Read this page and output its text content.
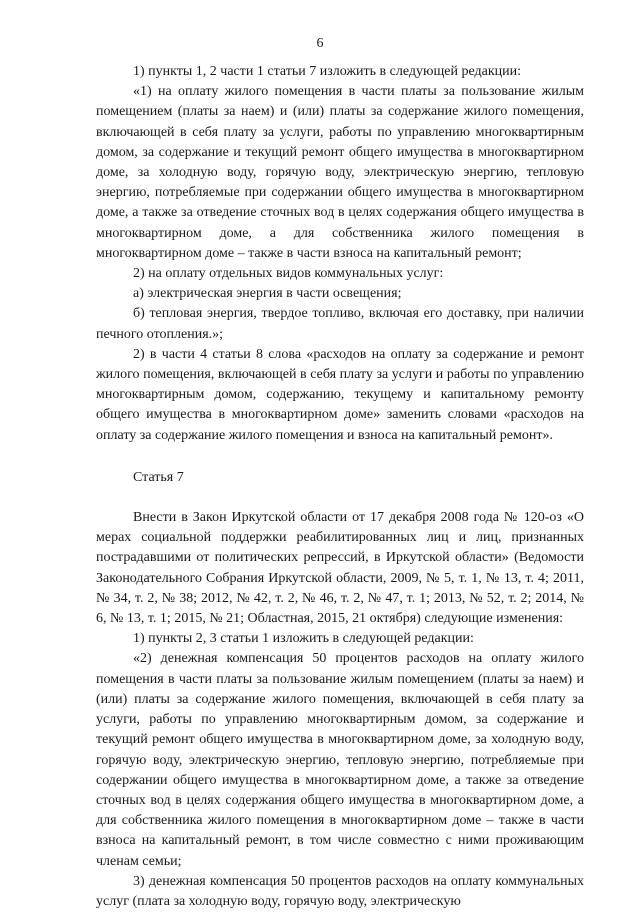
6

1) пункты 1, 2 части 1 статьи 7 изложить в следующей редакции:

«1) на оплату жилого помещения в части платы за пользование жилым помещением (платы за наем) и (или) платы за содержание жилого помещения, включающей в себя плату за услуги, работы по управлению многоквартирным домом, за содержание и текущий ремонт общего имущества в многоквартирном доме, за холодную воду, горячую воду, электрическую энергию, тепловую энергию, потребляемые при содержании общего имущества в многоквартирном доме, а также за отведение сточных вод в целях содержания общего имущества в многоквартирном доме, а для собственника жилого помещения в многоквартирном доме – также в части взноса на капитальный ремонт;

2) на оплату отдельных видов коммунальных услуг:

а) электрическая энергия в части освещения;

б) тепловая энергия, твердое топливо, включая его доставку, при наличии печного отопления.»;

2) в части 4 статьи 8 слова «расходов на оплату за содержание и ремонт жилого помещения, включающей в себя плату за услуги и работы по управлению многоквартирным домом, содержанию, текущему и капитальному ремонту общего имущества в многоквартирном доме» заменить словами «расходов на оплату за содержание жилого помещения и взноса на капитальный ремонт».

Статья 7

Внести в Закон Иркутской области от 17 декабря 2008 года № 120-оз «О мерах социальной поддержки реабилитированных лиц и лиц, признанных пострадавшими от политических репрессий, в Иркутской области» (Ведомости Законодательного Собрания Иркутской области, 2009, № 5, т. 1, № 13, т. 4; 2011, № 34, т. 2, № 38; 2012, № 42, т. 2, № 46, т. 2, № 47, т. 1; 2013, № 52, т. 2; 2014, № 6, № 13, т. 1; 2015, № 21; Областная, 2015, 21 октября) следующие изменения:

1) пункты 2, 3 статьи 1 изложить в следующей редакции:

«2) денежная компенсация 50 процентов расходов на оплату жилого помещения в части платы за пользование жилым помещением (платы за наем) и (или) платы за содержание жилого помещения, включающей в себя плату за услуги, работы по управлению многоквартирным домом, за содержание и текущий ремонт общего имущества в многоквартирном доме, за холодную воду, горячую воду, электрическую энергию, тепловую энергию, потребляемые при содержании общего имущества в многоквартирном доме, а также за отведение сточных вод в целях содержания общего имущества в многоквартирном доме, а для собственника жилого помещения в многоквартирном доме – также в части взноса на капитальный ремонт, в том числе совместно с ними проживающим членам семьи;

3) денежная компенсация 50 процентов расходов на оплату коммунальных услуг (плата за холодную воду, горячую воду, электрическую
